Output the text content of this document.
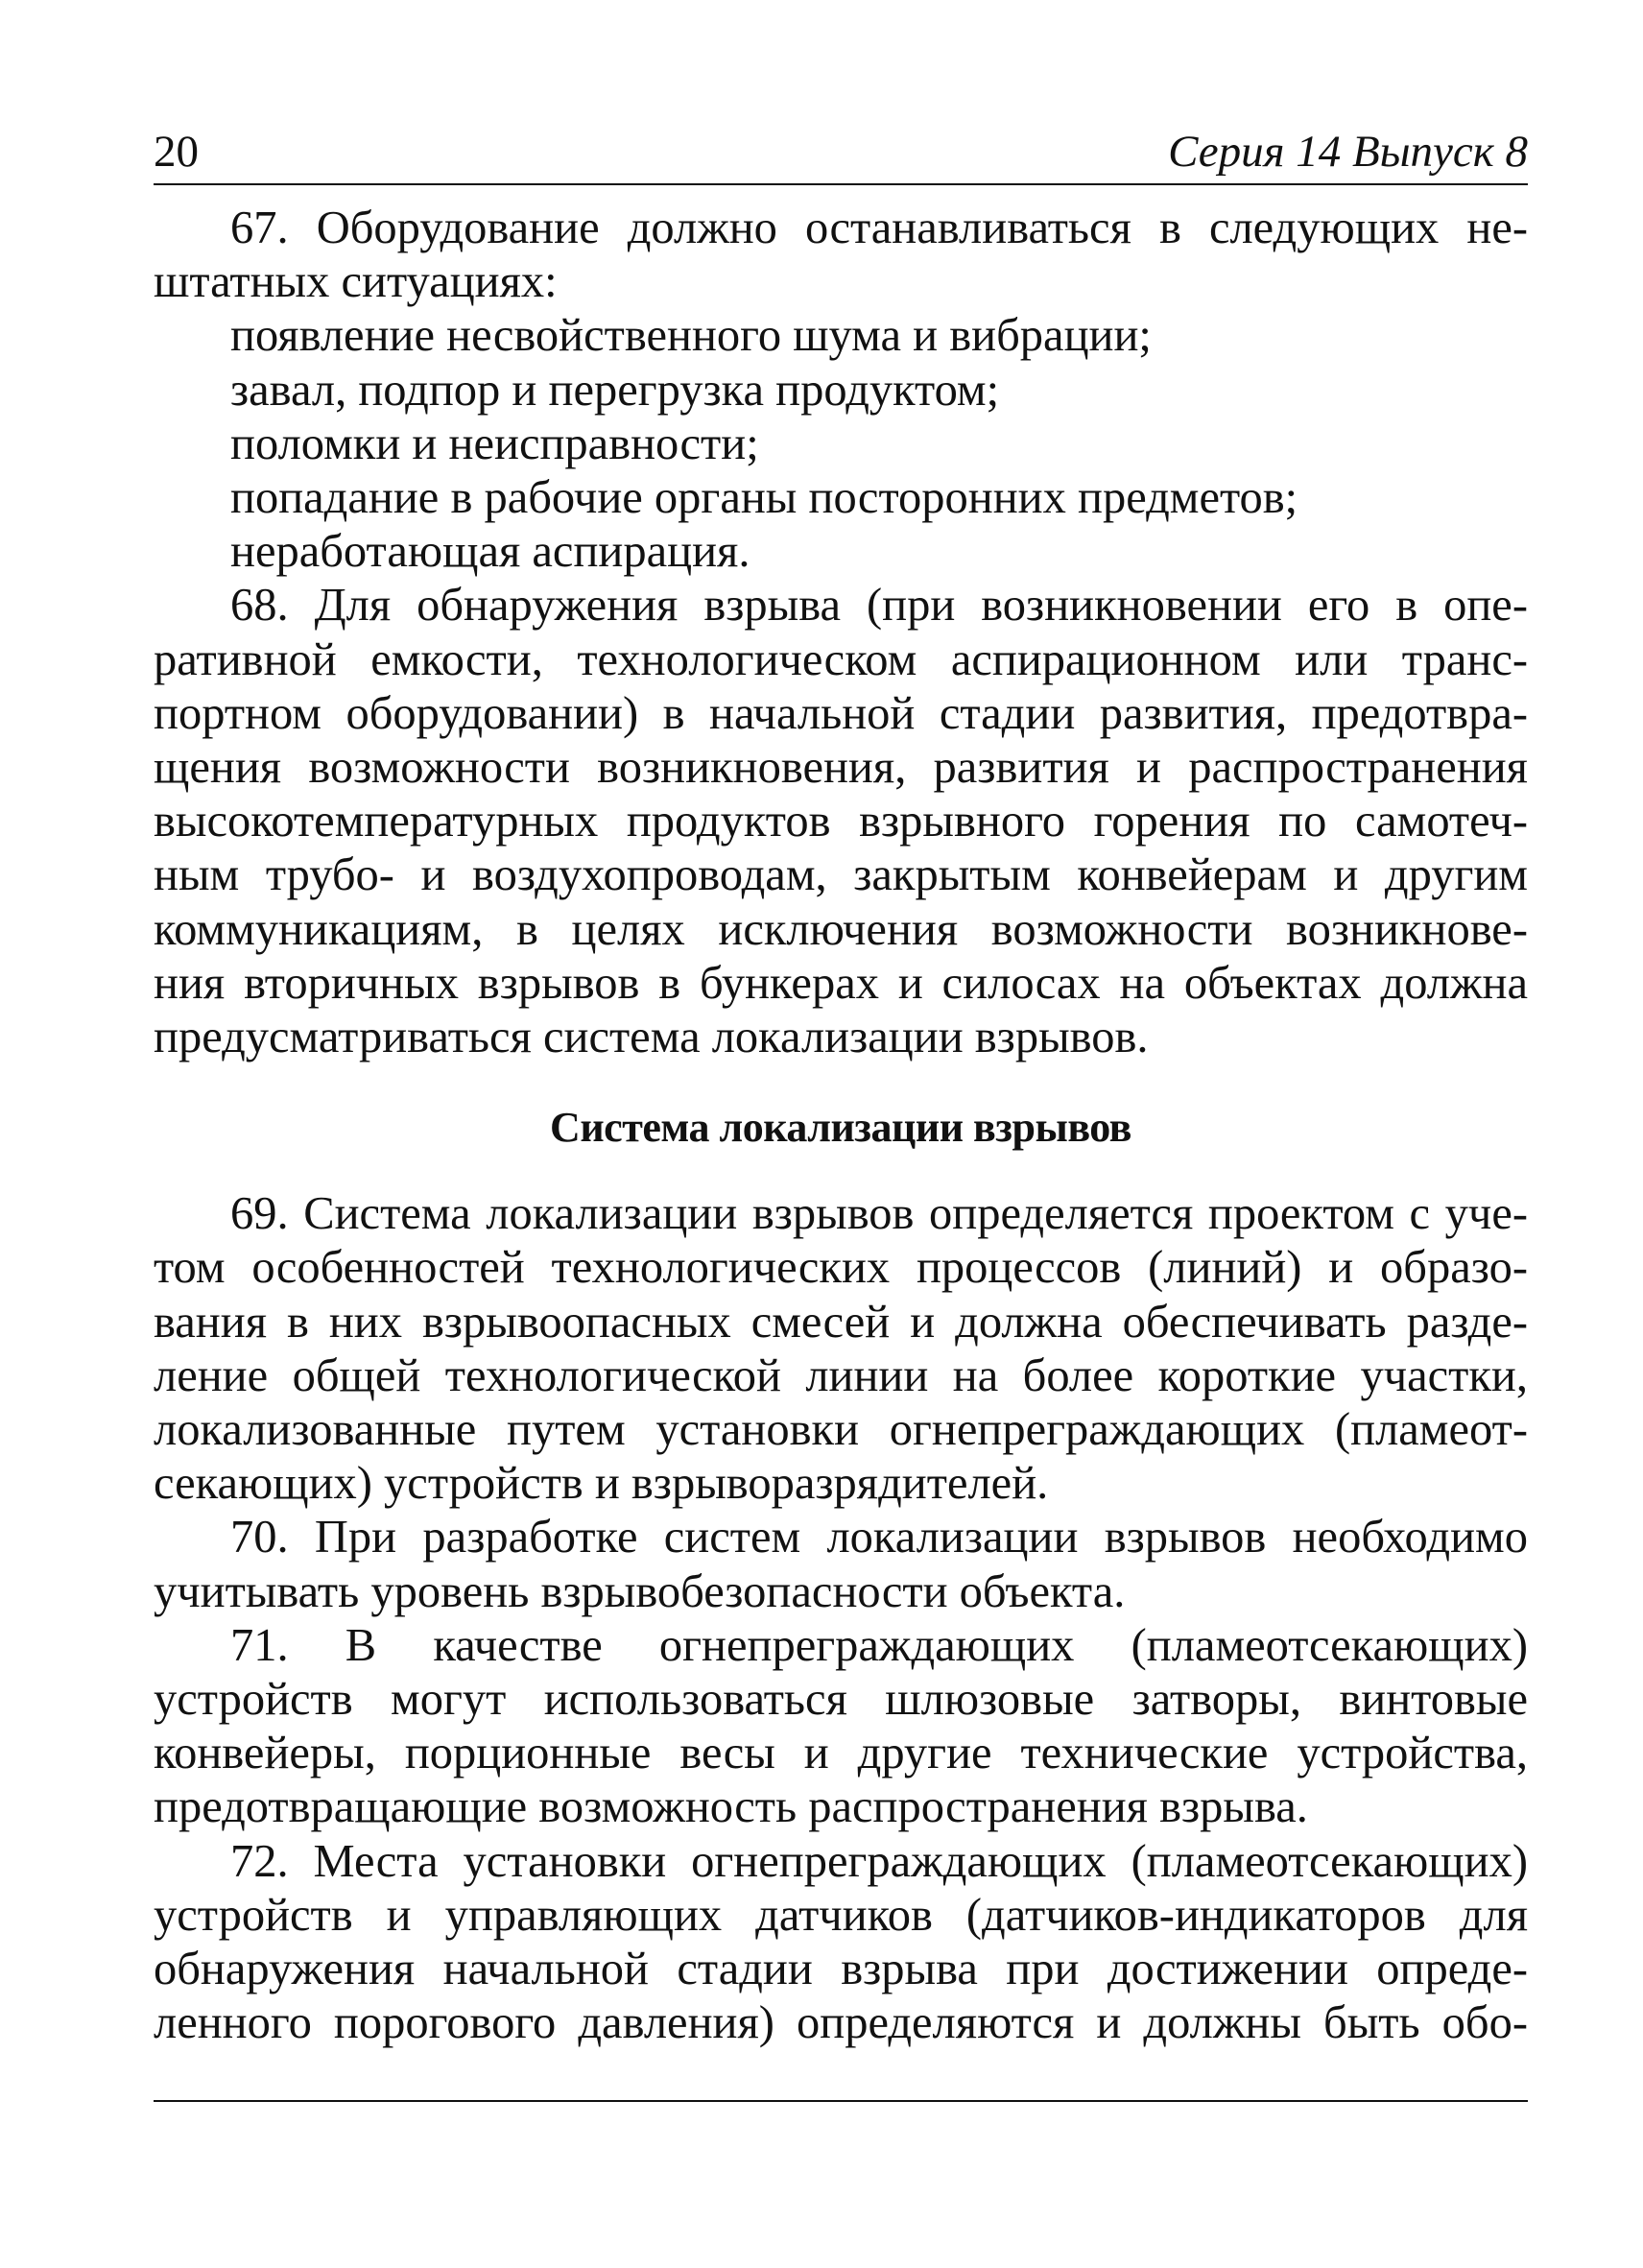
20	Серия 14 Выпуск 8
67. Оборудование должно останавливаться в следующих не-
штатных ситуациях:
появление несвойственного шума и вибрации;
завал, подпор и перегрузка продуктом;
поломки и неисправности;
попадание в рабочие органы посторонних предметов;
неработающая аспирация.
68. Для обнаружения взрыва (при возникновении его в опе-
ративной емкости, технологическом аспирационном или транс-
портном оборудовании) в начальной стадии развития, предотвра-
щения возможности возникновения, развития и распространения
высокотемпературных продуктов взрывного горения по самотеч-
ным трубо- и воздухопроводам, закрытым конвейерам и другим
коммуникациям, в целях исключения возможности возникнове-
ния вторичных взрывов в бункерах и силосах на объектах должна
предусматриваться система локализации взрывов.
Система локализации взрывов
69. Система локализации взрывов определяется проектом с уче-
том особенностей технологических процессов (линий) и образо-
вания в них взрывоопасных смесей и должна обеспечивать разде-
ление общей технологической линии на более короткие участки,
локализованные путем установки огнепреграждающих (пламеот-
секающих) устройств и взрыворазрядителей.
70. При разработке систем локализации взрывов необходимо
учитывать уровень взрывобезопасности объекта.
71. В качестве огнепреграждающих (пламеотсекающих)
устройств могут использоваться шлюзовые затворы, винтовые
конвейеры, порционные весы и другие технические устройства,
предотвращающие возможность распространения взрыва.
72. Места установки огнепреграждающих (пламеотсекающих)
устройств и управляющих датчиков (датчиков-индикаторов для
обнаружения начальной стадии взрыва при достижении опреде-
ленного порогового давления) определяются и должны быть обо-
